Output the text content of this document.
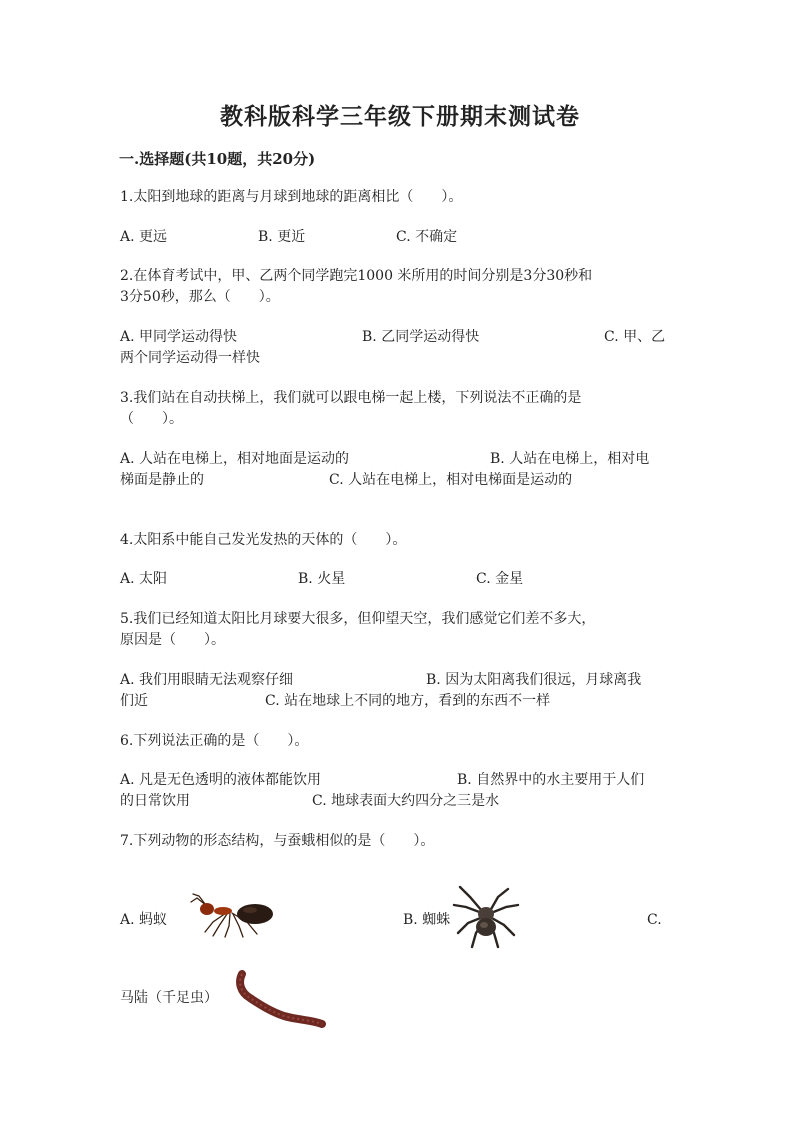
教科版科学三年级下册期末测试卷
一.选择题(共10题，共20分)
1.太阳到地球的距离与月球到地球的距离相比（　　）。
A. 更远	B. 更近	C. 不确定
2.在体育考试中，甲、乙两个同学跑完1000 米所用的时间分别是3分30秒和
3分50秒，那么（　　）。
A. 甲同学运动得快	B. 乙同学运动得快	C. 甲、乙
两个同学运动得一样快
3.我们站在自动扶梯上，我们就可以跟电梯一起上楼，下列说法不正确的是
（　　）。
A. 人站在电梯上，相对地面是运动的	B. 人站在电梯上，相对电
梯面是静止的	C. 人站在电梯上，相对电梯面是运动的
4.太阳系中能自己发光发热的天体的（　　）。
A. 太阳	B. 火星	C. 金星
5.我们已经知道太阳比月球要大很多，但仰望天空，我们感觉它们差不多大，
原因是（　　）。
A. 我们用眼睛无法观察仔细	B. 因为太阳离我们很远，月球离我
们近	C. 站在地球上不同的地方，看到的东西不一样
6.下列说法正确的是（　　）。
A. 凡是无色透明的液体都能饮用	B. 自然界中的水主要用于人们
的日常饮用	C. 地球表面大约四分之三是水
7.下列动物的形态结构，与蚕蛾相似的是（　　）。
A. 蚂蚁	B. 蜘蛛	C.
马陆（千足虫）
